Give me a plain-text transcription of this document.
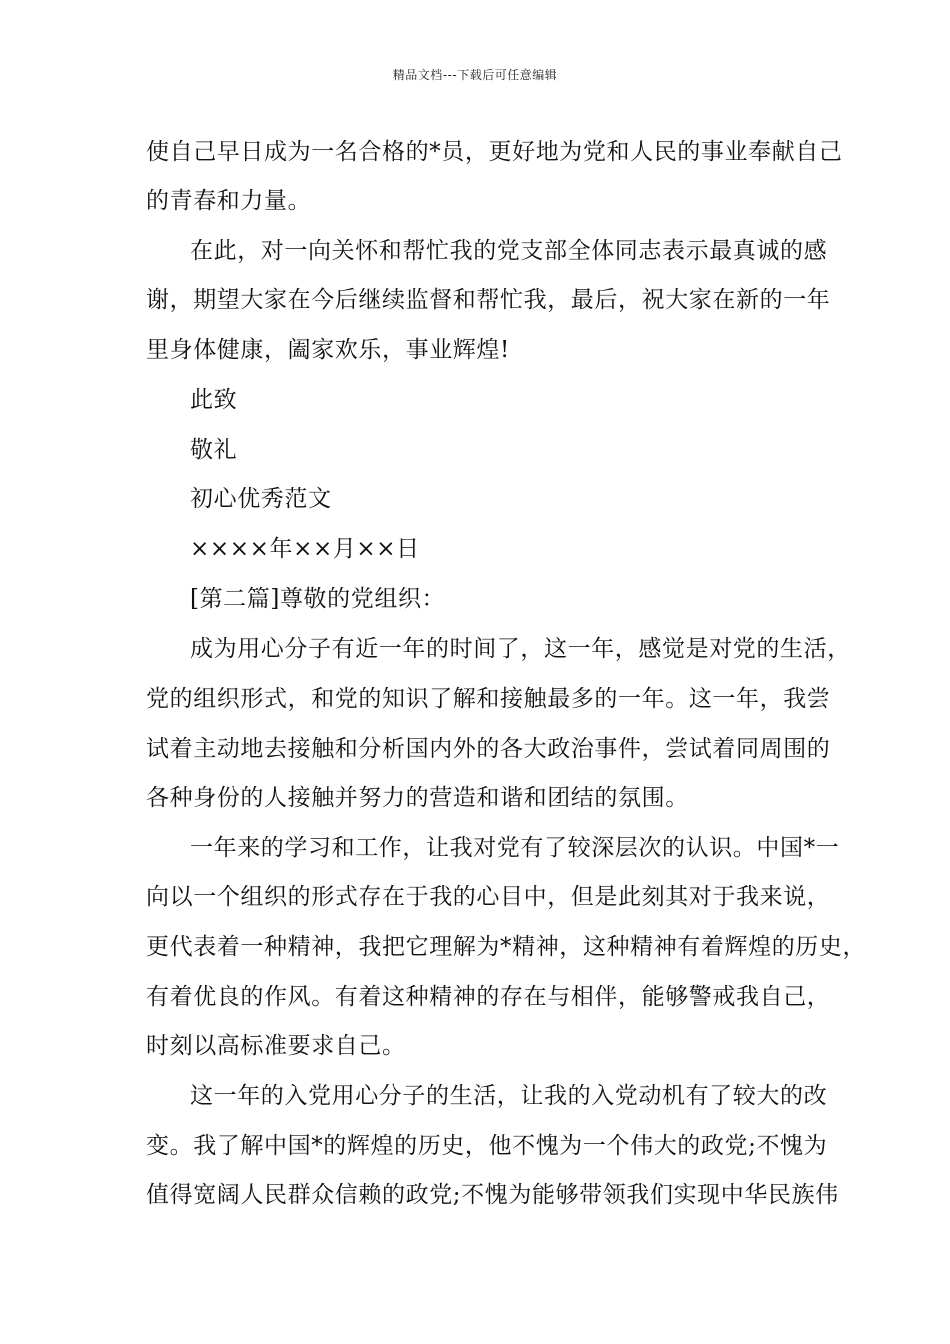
精品文档---下载后可任意编辑
使自己早日成为一名合格的*员，更好地为党和人民的事业奉献自己
的青春和力量。
在此，对一向关怀和帮忙我的党支部全体同志表示最真诚的感
谢，期望大家在今后继续监督和帮忙我，最后，祝大家在新的一年
里身体健康，阖家欢乐，事业辉煌!
此致
敬礼
初心优秀范文
××××年××月××日
[第二篇]尊敬的党组织：
成为用心分子有近一年的时间了，这一年，感觉是对党的生活，
党的组织形式，和党的知识了解和接触最多的一年。这一年，我尝
试着主动地去接触和分析国内外的各大政治事件，尝试着同周围的
各种身份的人接触并努力的营造和谐和团结的氛围。
一年来的学习和工作，让我对党有了较深层次的认识。中国*一
向以一个组织的形式存在于我的心目中，但是此刻其对于我来说，
更代表着一种精神，我把它理解为*精神，这种精神有着辉煌的历史，
有着优良的作风。有着这种精神的存在与相伴，能够警戒我自己，
时刻以高标准要求自己。
这一年的入党用心分子的生活，让我的入党动机有了较大的改
变。我了解中国*的辉煌的历史，他不愧为一个伟大的政党;不愧为
值得宽阔人民群众信赖的政党;不愧为能够带领我们实现中华民族伟
